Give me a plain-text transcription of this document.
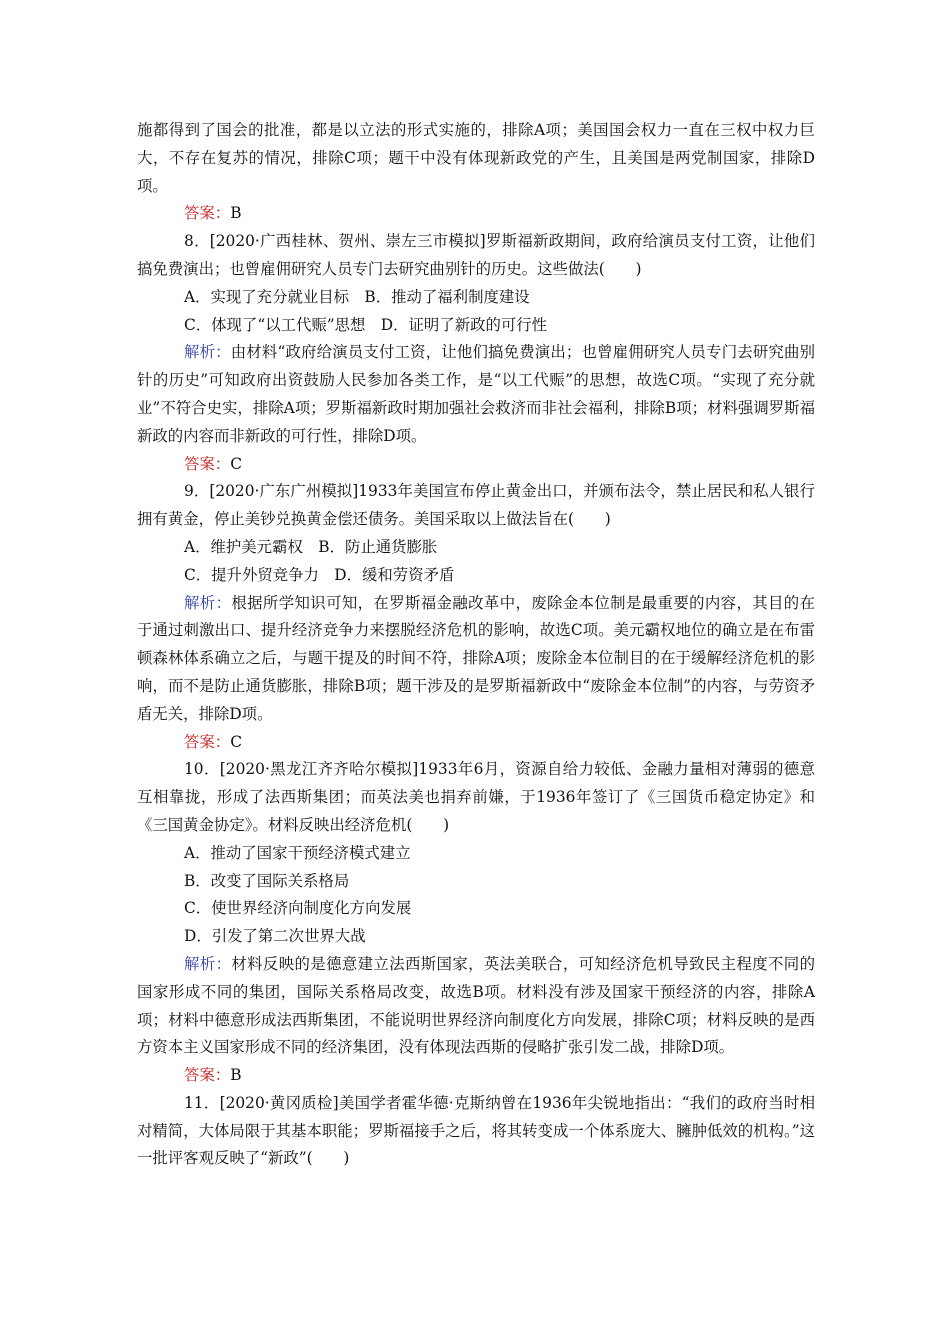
施都得到了国会的批准，都是以立法的形式实施的，排除A项；美国国会权力一直在三权中权力巨大，不存在复苏的情况，排除C项；题干中没有体现新政党的产生，且美国是两党制国家，排除D项。

答案：B

8．[2020·广西桂林、贺州、崇左三市模拟]罗斯福新政期间，政府给演员支付工资，让他们搞免费演出；也曾雇佣研究人员专门去研究曲别针的历史。这些做法(　　)

A．实现了充分就业目标　B．推动了福利制度建设

C．体现了“以工代赈”思想　D．证明了新政的可行性

解析：由材料“政府给演员支付工资，让他们搞免费演出；也曾雇佣研究人员专门去研究曲别针的历史”可知政府出资鼓励人民参加各类工作，是“以工代赈”的思想，故选C项。“实现了充分就业”不符合史实，排除A项；罗斯福新政时期加强社会救济而非社会福利，排除B项；材料强调罗斯福新政的内容而非新政的可行性，排除D项。

答案：C

9．[2020·广东广州模拟]1933年美国宣布停止黄金出口，并颁布法令，禁止居民和私人银行拥有黄金，停止美钞兑换黄金偿还债务。美国采取以上做法旨在(　　)

A．维护美元霸权　B．防止通货膨胀

C．提升外贸竞争力　D．缓和劳资矛盾

解析：根据所学知识可知，在罗斯福金融改革中，废除金本位制是最重要的内容，其目的在于通过刺激出口、提升经济竞争力来摆脱经济危机的影响，故选C项。美元霸权地位的确立是在布雷顿森林体系确立之后，与题干提及的时间不符，排除A项；废除金本位制目的在于缓解经济危机的影响，而不是防止通货膨胀，排除B项；题干涉及的是罗斯福新政中“废除金本位制”的内容，与劳资矛盾无关，排除D项。

答案：C

10．[2020·黑龙江齐齐哈尔模拟]1933年6月，资源自给力较低、金融力量相对薄弱的德意互相靠拢，形成了法西斯集团；而英法美也捐弃前嫌，于1936年签订了《三国货币稳定协定》和《三国黄金协定》。材料反映出经济危机(　　)

A．推动了国家干预经济模式建立

B．改变了国际关系格局

C．使世界经济向制度化方向发展

D．引发了第二次世界大战

解析：材料反映的是德意建立法西斯国家，英法美联合，可知经济危机导致民主程度不同的国家形成不同的集团，国际关系格局改变，故选B项。材料没有涉及国家干预经济的内容，排除A项；材料中德意形成法西斯集团，不能说明世界经济向制度化方向发展，排除C项；材料反映的是西方资本主义国家形成不同的经济集团，没有体现法西斯的侵略扩张引发二战，排除D项。

答案：B

11．[2020·黄冈质检]美国学者霍华德·克斯纳曾在1936年尖锐地指出：“我们的政府当时相对精简，大体局限于其基本职能；罗斯福接手之后，将其转变成一个体系庞大、臃肿低效的机构。”这一批评客观反映了“新政”(　　)
